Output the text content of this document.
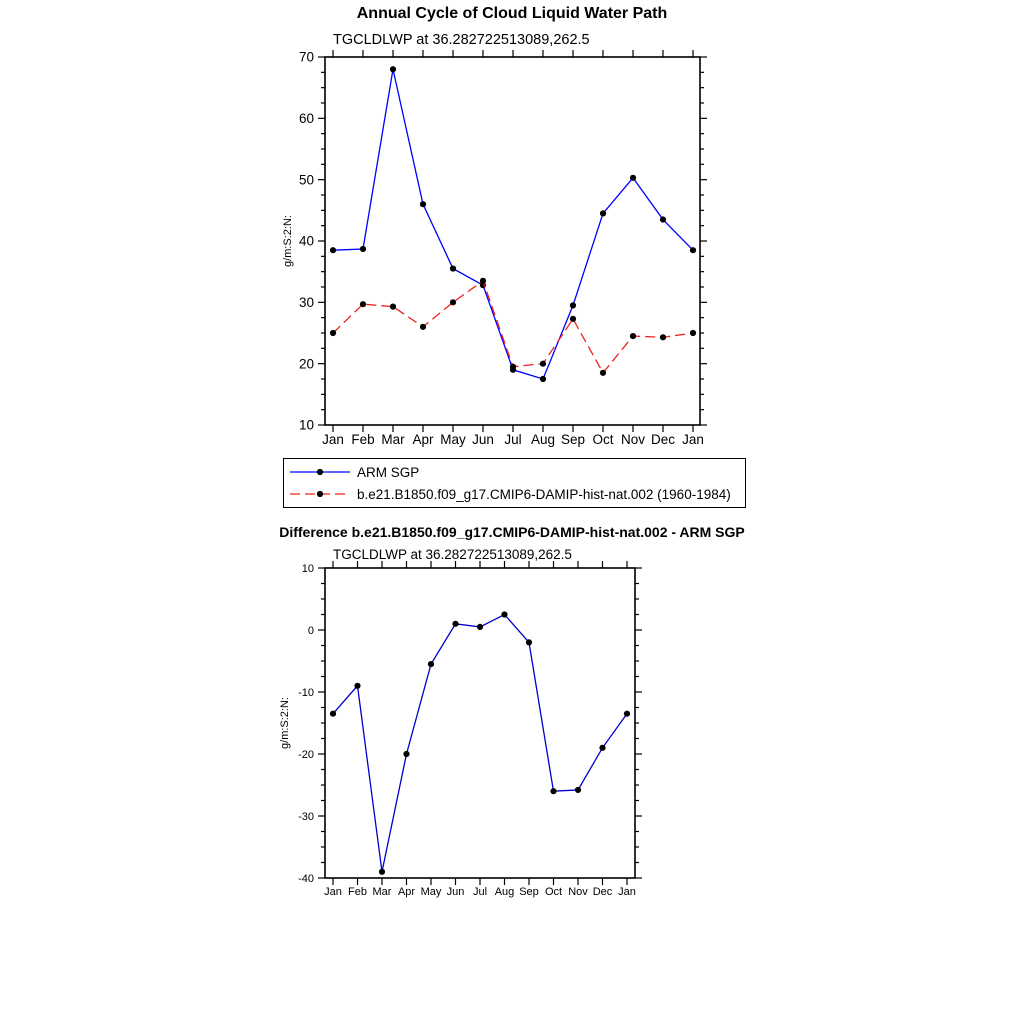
Annual Cycle of Cloud Liquid Water Path
TGCLDLWP at 36.282722513089,262.5
10
20
30
40
50
60
70
Jan Feb Mar Apr May Jun Jul Aug Sep Oct Nov Dec Jan
g/m:S:2:N:
-40
-30
-20
-10
0
10
Jan Feb Mar Apr May Jun Jul Aug Sep Oct Nov Dec Jan
g/m:S:2:N:
ARM SGP
b.e21.B1850.f09_g17.CMIP6-DAMIP-hist-nat.002 (1960-1984)
Difference b.e21.B1850.f09_g17.CMIP6-DAMIP-hist-nat.002 - ARM SGP
TGCLDLWP at 36.282722513089,262.5
